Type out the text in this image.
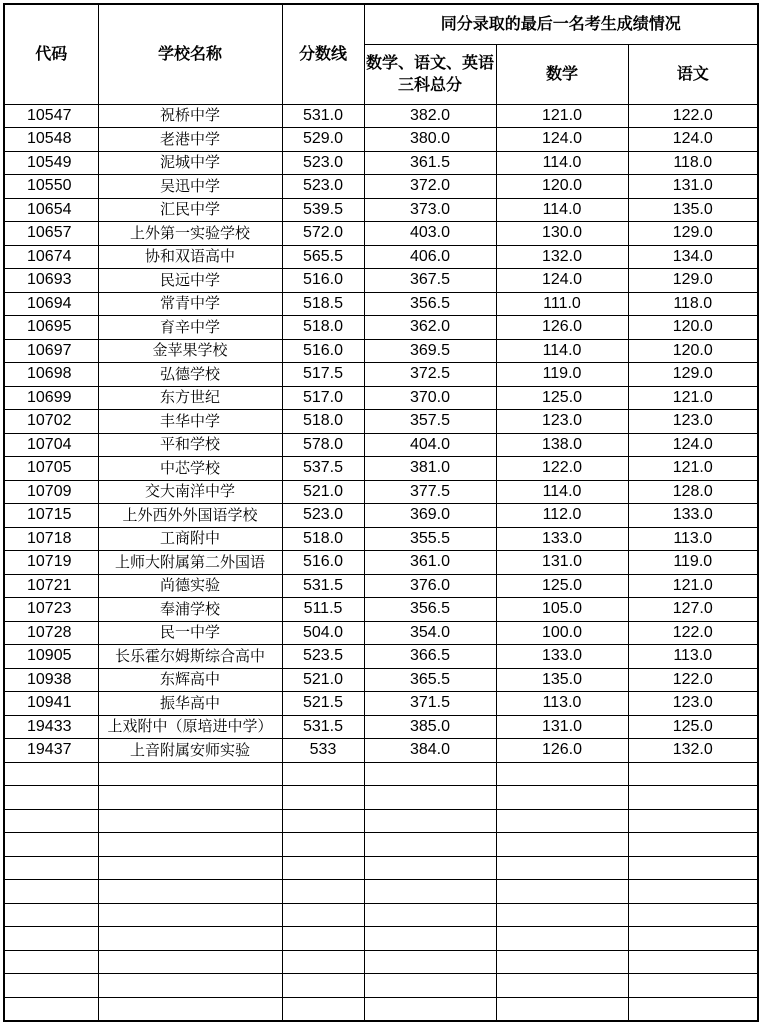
代码	学校名称	分数线	同分录取的最后一名考生成绩情况		
			数学、语文、英语三科总分	数学	语文
10547	祝桥中学	531.0	382.0	121.0	122.0
10548	老港中学	529.0	380.0	124.0	124.0
10549	泥城中学	523.0	361.5	114.0	118.0
10550	吴迅中学	523.0	372.0	120.0	131.0
10654	汇民中学	539.5	373.0	114.0	135.0
10657	上外第一实验学校	572.0	403.0	130.0	129.0
10674	协和双语高中	565.5	406.0	132.0	134.0
10693	民远中学	516.0	367.5	124.0	129.0
10694	常青中学	518.5	356.5	111.0	118.0
10695	育辛中学	518.0	362.0	126.0	120.0
10697	金苹果学校	516.0	369.5	114.0	120.0
10698	弘德学校	517.5	372.5	119.0	129.0
10699	东方世纪	517.0	370.0	125.0	121.0
10702	丰华中学	518.0	357.5	123.0	123.0
10704	平和学校	578.0	404.0	138.0	124.0
10705	中芯学校	537.5	381.0	122.0	121.0
10709	交大南洋中学	521.0	377.5	114.0	128.0
10715	上外西外外国语学校	523.0	369.0	112.0	133.0
10718	工商附中	518.0	355.5	133.0	113.0
10719	上师大附属第二外国语	516.0	361.0	131.0	119.0
10721	尚德实验	531.5	376.0	125.0	121.0
10723	奉浦学校	511.5	356.5	105.0	127.0
10728	民一中学	504.0	354.0	100.0	122.0
10905	长乐霍尔姆斯综合高中	523.5	366.5	133.0	113.0
10938	东辉高中	521.0	365.5	135.0	122.0
10941	振华高中	521.5	371.5	113.0	123.0
19433	上戏附中（原培进中学）	531.5	385.0	131.0	125.0
19437	上音附属安师实验	533	384.0	126.0	132.0
